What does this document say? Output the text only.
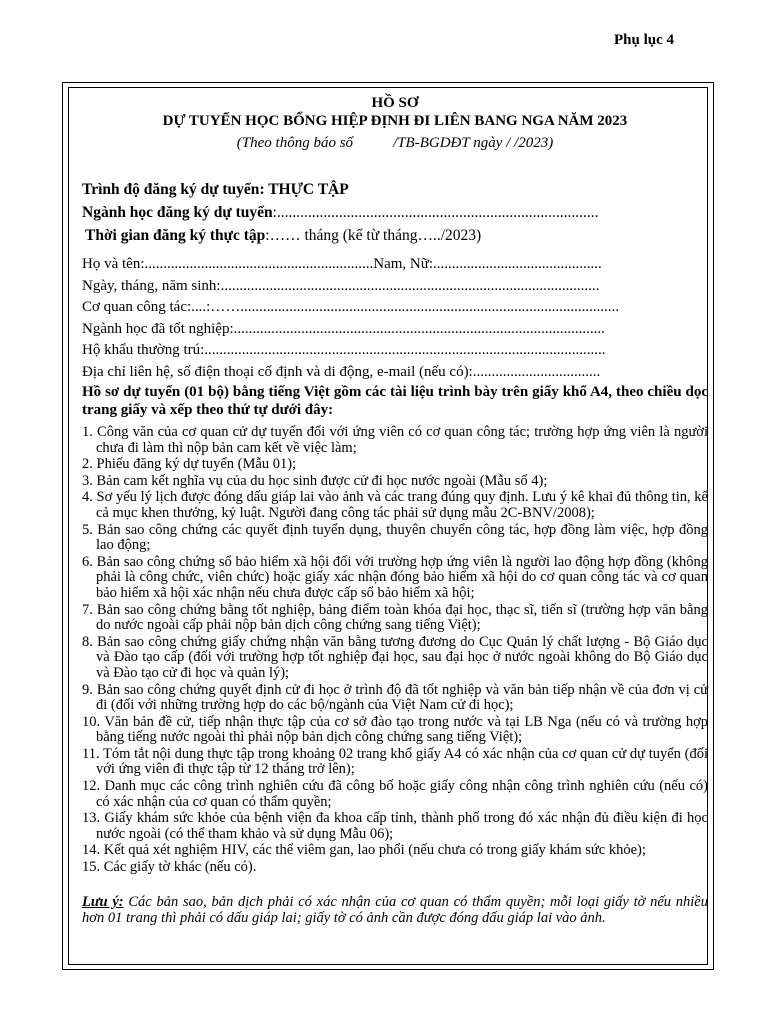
Phụ lục 4
HỒ SƠ
DỰ TUYỂN HỌC BỔNG HIỆP ĐỊNH ĐI LIÊN BANG NGA NĂM 2023
(Theo thông báo số	/TB-BGDĐT ngày / /2023)
Trình độ đăng ký dự tuyển: THỰC TẬP
Ngành học đăng ký dự tuyển:...................................................................................
Thời gian đăng ký thực tập:…… tháng (kể từ tháng…../2023)
Họ và tên:.............................................................Nam, Nữ:.............................................
Ngày, tháng, năm sinh:.....................................................................................................
Cơ quan công tác:....:…….....................................................................................................
Ngành học đã tốt nghiệp:...................................................................................................
Hộ khẩu thường trú:...........................................................................................................
Địa chỉ liên hệ, số điện thoại cố định và di động, e-mail (nếu có):..................................
Hồ sơ dự tuyển (01 bộ) bằng tiếng Việt gồm các tài liệu trình bày trên giấy khổ A4, theo chiều dọc trang giấy và xếp theo thứ tự dưới đây:
1. Công văn của cơ quan cử dự tuyển đối với ứng viên có cơ quan công tác; trường hợp ứng viên là người chưa đi làm thì nộp bản cam kết về việc làm;
2. Phiếu đăng ký dự tuyển (Mẫu 01);
3. Bản cam kết nghĩa vụ của du học sinh được cử đi học nước ngoài (Mẫu số 4);
4. Sơ yếu lý lịch được đóng dấu giáp lai vào ảnh và các trang đúng quy định. Lưu ý kê khai đủ thông tin, kể cả mục khen thưởng, kỷ luật. Người đang công tác phải sử dụng mẫu 2C-BNV/2008);
5. Bản sao công chứng các quyết định tuyển dụng, thuyên chuyển công tác, hợp đồng làm việc, hợp đồng lao động;
6. Bản sao công chứng sổ bảo hiểm xã hội đối với trường hợp ứng viên là người lao động hợp đồng (không phải là công chức, viên chức) hoặc giấy xác nhận đóng bảo hiểm xã hội do cơ quan công tác và cơ quan bảo hiểm xã hội xác nhận nếu chưa được cấp sổ bảo hiểm xã hội;
7. Bản sao công chứng bằng tốt nghiệp, bảng điểm toàn khóa đại học, thạc sĩ, tiến sĩ (trường hợp văn bằng do nước ngoài cấp phải nộp bản dịch công chứng sang tiếng Việt);
8. Bản sao công chứng giấy chứng nhận văn bằng tương đương do Cục Quản lý chất lượng - Bộ Giáo dục và Đào tạo cấp (đối với trường hợp tốt nghiệp đại học, sau đại học ở nước ngoài không do Bộ Giáo dục và Đào tạo cử đi học và quản lý);
9. Bản sao công chứng quyết định cử đi học ở trình độ đã tốt nghiệp và văn bản tiếp nhận về của đơn vị cử đi (đối với những trường hợp do các bộ/ngành của Việt Nam cử đi học);
10. Văn bản đề cử, tiếp nhận thực tập của cơ sở đào tạo trong nước và tại LB Nga (nếu có và trường hợp bằng tiếng nước ngoài thì phải nộp bản dịch công chứng sang tiếng Việt);
11. Tóm tắt nội dung thực tập trong khoảng 02 trang khổ giấy A4 có xác nhận của cơ quan cử dự tuyển (đối với ứng viên đi thực tập từ 12 tháng trở lên);
12. Danh mục các công trình nghiên cứu đã công bố hoặc giấy công nhận công trình nghiên cứu (nếu có) có xác nhận của cơ quan có thẩm quyền;
13. Giấy khám sức khỏe của bệnh viện đa khoa cấp tỉnh, thành phố trong đó xác nhận đủ điều kiện đi học nước ngoài (có thể tham khảo và sử dụng Mẫu 06);
14. Kết quả xét nghiệm HIV, các thể viêm gan, lao phổi (nếu chưa có trong giấy khám sức khỏe);
15. Các giấy tờ khác (nếu có).
Lưu ý: Các bản sao, bản dịch phải có xác nhận của cơ quan có thẩm quyền; mỗi loại giấy tờ nếu nhiều hơn 01 trang thì phải có dấu giáp lai; giấy tờ có ảnh cần được đóng dấu giáp lai vào ảnh.
